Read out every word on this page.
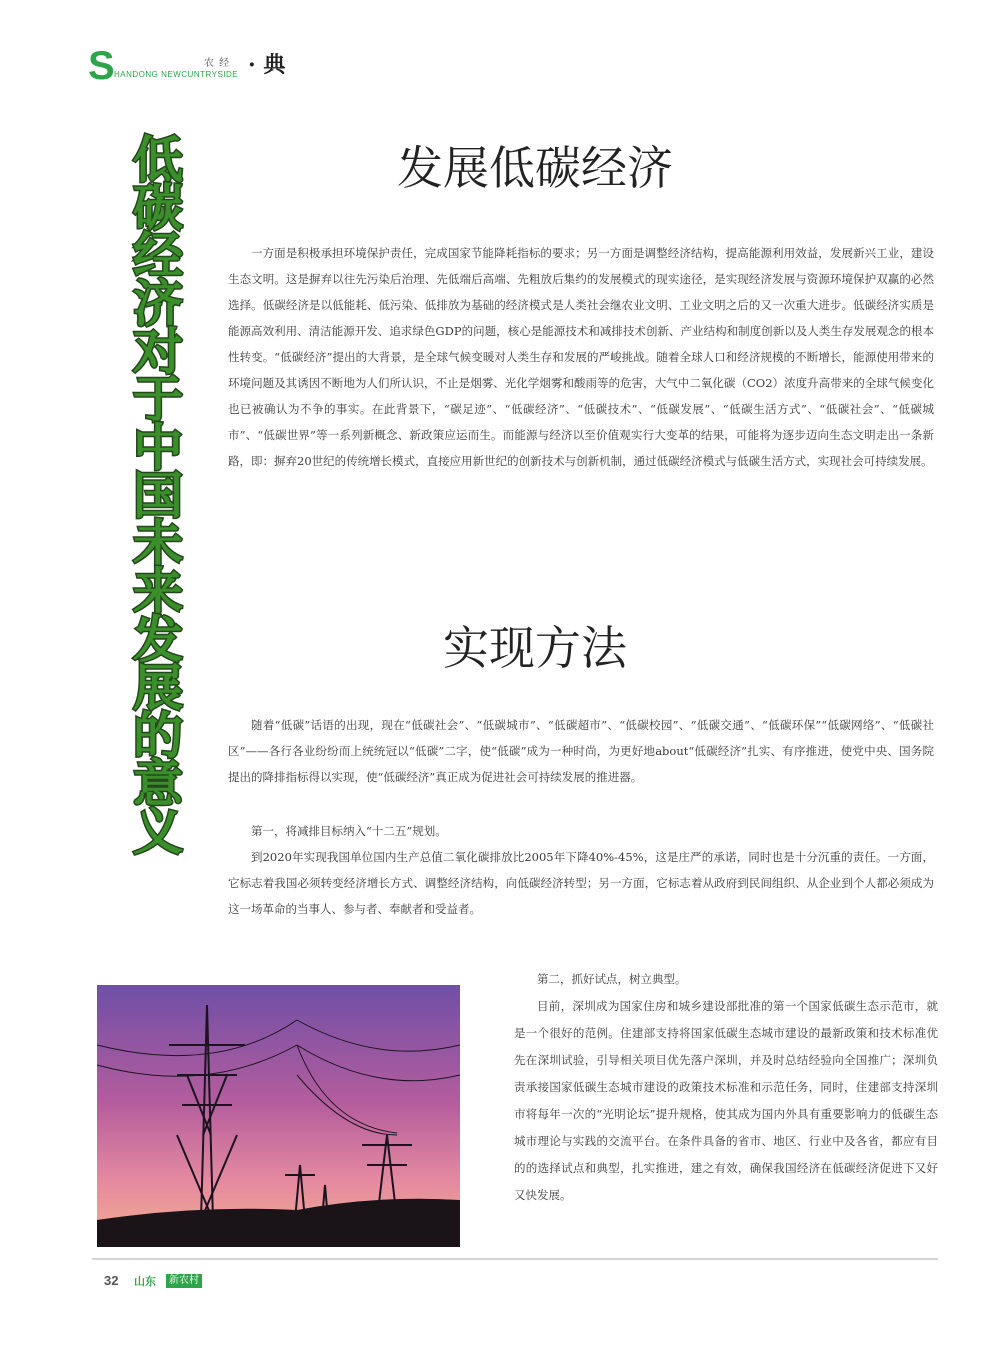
S HANDONG NEWCUNTRYSIDE
农 经 · 典
低
碳
经
济
对
于
中
国
未
来
发
展
的
意
义
发展低碳经济

一方面是积极承担环境保护责任，完成国家节能降耗指标的要求；另一方面是调整经济结构，提高能源利用效益，发展新兴工业，建设生态文明。这是摒弃以往先污染后治理、先低端后高端、先粗放后集约的发展模式的现实途径，是实现经济发展与资源环境保护双赢的必然选择。低碳经济是以低能耗、低污染、低排放为基础的经济模式是人类社会继农业文明、工业文明之后的又一次重大进步。低碳经济实质是能源高效利用、清洁能源开发、追求绿色GDP的问题，核心是能源技术和减排技术创新、产业结构和制度创新以及人类生存发展观念的根本性转变。“低碳经济”提出的大背景，是全球气候变暖对人类生存和发展的严峻挑战。随着全球人口和经济规模的不断增长，能源使用带来的环境问题及其诱因不断地为人们所认识，不止是烟雾、光化学烟雾和酸雨等的危害，大气中二氧化碳（CO2）浓度升高带来的全球气候变化也已被确认为不争的事实。在此背景下，“碳足迹”、“低碳经济”、“低碳技术”、“低碳发展”、“低碳生活方式”、“低碳社会”、“低碳城市”、“低碳世界”等一系列新概念、新政策应运而生。而能源与经济以至价值观实行大变革的结果，可能将为逐步迈向生态文明走出一条新路，即：摒弃20世纪的传统增长模式，直接应用新世纪的创新技术与创新机制，通过低碳经济模式与低碳生活方式，实现社会可持续发展。

实现方法

随着“低碳”话语的出现，现在“低碳社会”、“低碳城市”、“低碳超市”、“低碳校园”、“低碳交通”、“低碳环保”“低碳网络”、“低碳社区”——各行各业纷纷而上统统冠以“低碳”二字，使“低碳”成为一种时尚，为更好地about“低碳经济”扎实、有序推进，使党中央、国务院提出的降排指标得以实现，使“低碳经济”真正成为促进社会可持续发展的推进器。

第一，将减排目标纳入“十二五”规划。

到2020年实现我国单位国内生产总值二氧化碳排放比2005年下降40%-45%，这是庄严的承诺，同时也是十分沉重的责任。一方面，它标志着我国必须转变经济增长方式、调整经济结构，向低碳经济转型；另一方面，它标志着从政府到民间组织、从企业到个人都必须成为这一场革命的当事人、参与者、奉献者和受益者。

第二，抓好试点，树立典型。

目前，深圳成为国家住房和城乡建设部批准的第一个国家低碳生态示范市，就是一个很好的范例。住建部支持将国家低碳生态城市建设的最新政策和技术标准优先在深圳试验，引导相关项目优先落户深圳，并及时总结经验向全国推广；深圳负责承接国家低碳生态城市建设的政策技术标准和示范任务，同时，住建部支持深圳市将每年一次的“光明论坛”提升规格，使其成为国内外具有重要影响力的低碳生态城市理论与实践的交流平台。在条件具备的省市、地区、行业中及各省，都应有目的的选择试点和典型，扎实推进，建之有效，确保我国经济在低碳经济促进下又好又快发展。

32 山东	新农村
